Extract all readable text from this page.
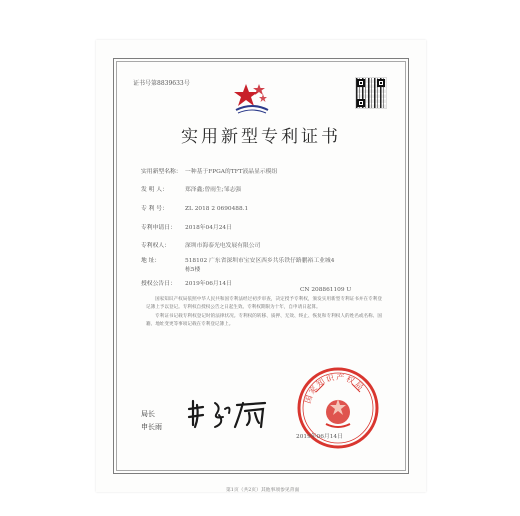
证书号第8839633号
实用新型专利证书
实用新型名称： 一种基于FPGA的TFT液晶显示模组
发 明 人：	郑泽鑫;曾雨生;邹志强
专 利 号：	ZL 2018 2 0690488.1
专利申请日： 2018年04月24日
专利权人：	深圳市海泰光电发展有限公司
地 址：	518102 广东省深圳市宝安区西乡共乐铁仔路鹏裕工业城4
栋5楼
授权公告日： 2019年06月14日
CN 208861109 U

国家知识产权局依照中华人民共和国专利法经过初步审查，决定授予专利权，颁发实用新型专利证书并在专利登记簿上予以登记。专利权自授权公告之日起生效。专利权期限为十年，自申请日起算。

专利证书记载专利权登记时的法律状况。专利权的转移、质押、无效、终止、恢复和专利权人的姓名或名称、国籍、地址变更等事项记载在专利登记簿上。

局长
申长雨
国家知识产权局
2019年06月14日
第1页（共2页）其他事项参见背面
